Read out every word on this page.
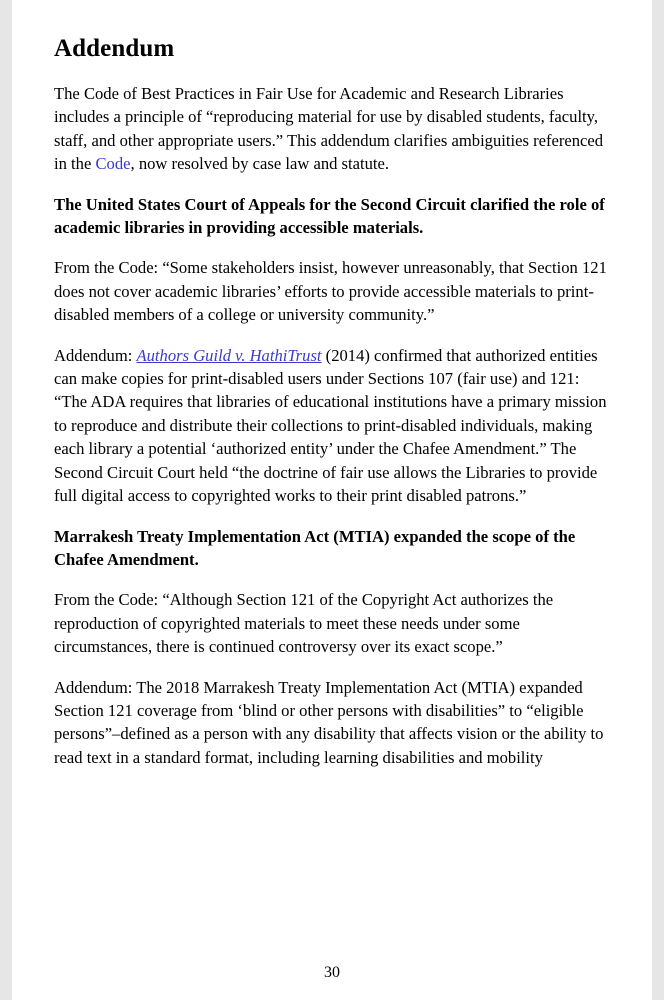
Addendum

The Code of Best Practices in Fair Use for Academic and Research Libraries includes a principle of “reproducing material for use by disabled students, faculty, staff, and other appropriate users.” This addendum clarifies ambiguities referenced in the Code, now resolved by case law and statute.

The United States Court of Appeals for the Second Circuit clarified the role of academic libraries in providing accessible materials.

From the Code: “Some stakeholders insist, however unreasonably, that Section 121 does not cover academic libraries’ efforts to provide accessible materials to print-disabled members of a college or university community.”

Addendum: Authors Guild v. HathiTrust (2014) confirmed that authorized entities can make copies for print-disabled users under Sections 107 (fair use) and 121: “The ADA requires that libraries of educational institutions have a primary mission to reproduce and distribute their collections to print-disabled individuals, making each library a potential ‘authorized entity’ under the Chafee Amendment.” The Second Circuit Court held “the doctrine of fair use allows the Libraries to provide full digital access to copyrighted works to their print disabled patrons.”

Marrakesh Treaty Implementation Act (MTIA) expanded the scope of the Chafee Amendment.

From the Code: “Although Section 121 of the Copyright Act authorizes the reproduction of copyrighted materials to meet these needs under some circumstances, there is continued controversy over its exact scope.”

Addendum: The 2018 Marrakesh Treaty Implementation Act (MTIA) expanded Section 121 coverage from ‘blind or other persons with disabilities” to “eligible persons”–defined as a person with any disability that affects vision or the ability to read text in a standard format, including learning disabilities and mobility

30
